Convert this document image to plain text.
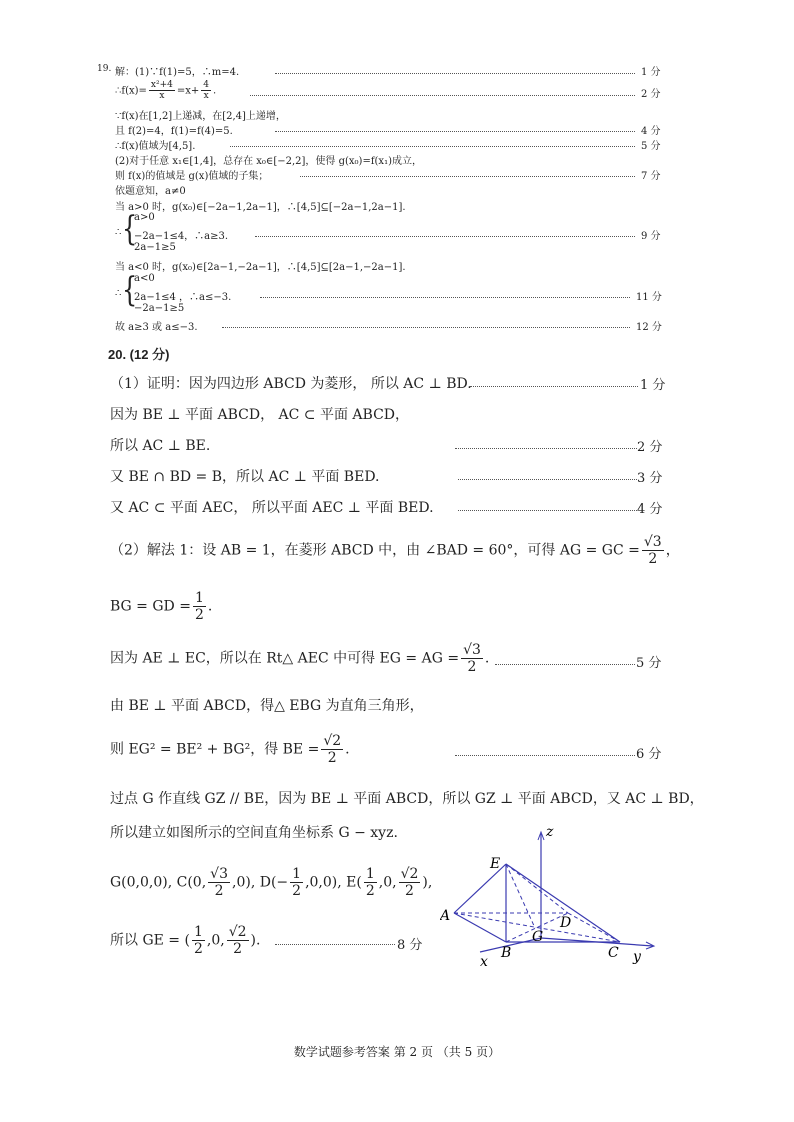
19. 解：(1)∵f(1)=5，∴m=4.	1 分
∴f(x)= $\frac{\text{x²+4}}{x} =x+ \frac{4}{x}$ .	2 分
∵f(x)在[1,2]上递减，在[2,4]上递增，
且 f(2)=4，f(1)=f(4)=5.	4 分
∴f(x)值域为[4,5].	5 分
(2)对于任意 x₁∈[1,4]，总存在 x₀∈[−2,2]，使得 g(x₀)=f(x₁)成立，
则 f(x)的值域是 g(x)值域的子集；	7 分
依题意知，a≠0
当 a>0 时，g(x₀)∈[−2a−1,2a−1]，∴[4,5]⊆[−2a−1,2a−1].
∴ {
a>0
−2a−1≤4，∴a≥3.
2a−1≥5
9 分
当 a<0 时，g(x₀)∈[2a−1,−2a−1]，∴[4,5]⊆[2a−1,−2a−1].
∴ {
a<0
2a−1≤4 ，∴a≤−3.
−2a−1≥5
11 分
故 a≥3 或 a≤−3.	12 分
20. (12 分)
（1）证明：因为四边形 ABCD 为菱形， 所以 AC ⊥ BD.	1 分
因为 BE ⊥ 平面 ABCD， AC ⊂ 平面 ABCD，
所以 AC ⊥ BE.	2 分
又 BE ∩ BD = B，所以 AC ⊥ 平面 BED.	3 分
又 AC ⊂ 平面 AEC， 所以平面 AEC ⊥ 平面 BED.	4 分
（2）解法 1：设 AB = 1，在菱形 ABCD 中，由 ∠BAD = 60°，可得 AG = GC = $\frac{√3}{2}$ ，
BG = GD = $\frac{1}{2}$ .
因为 AE ⊥ EC，所以在 Rt△ AEC 中可得 EG = AG = $\frac{√3}{2}$ .	5 分
由 BE ⊥ 平面 ABCD，得△ EBG 为直角三角形，
则 EG² = BE² + BG²，得 BE = $\frac{√2}{2}$ .	6 分
过点 G 作直线 GZ // BE，因为 BE ⊥ 平面 ABCD，所以 GZ ⊥ 平面 ABCD，又 AC ⊥ BD，
所以建立如图所示的空间直角坐标系 G − xyz.
G(0,0,0), C(0, $\frac{√3}{2} ,0$), $D(- \frac{1}{2} ,0,0)$, $E( \frac{1}{2} ,0$, $\frac{√2}{2}$ ),
所以 GE = ( $\frac{1}{2} ,0$, $\frac{√2}{2}$ ).	8 分
z
E
A	D
G
B	C
x	y
数学试题参考答案 第 2 页 （共 5 页）
